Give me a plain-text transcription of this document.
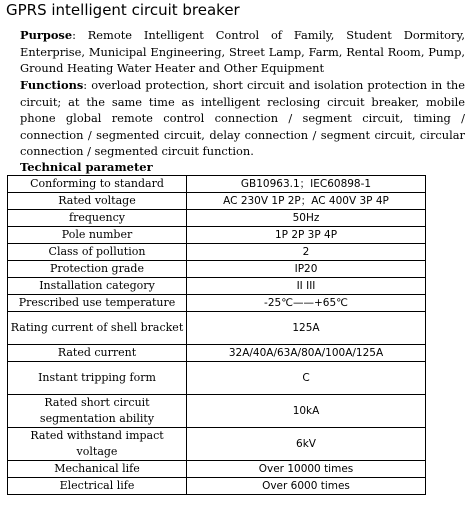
GPRS intelligent circuit breaker
Purpose: Remote Intelligent Control of Family, Student Dormitory, Enterprise, Municipal Engineering, Street Lamp, Farm, Rental Room, Pump, Ground Heating Water Heater and Other Equipment
Functions: overload protection, short circuit and isolation protection in the circuit; at the same time as intelligent reclosing circuit breaker, mobile phone global remote control connection / segment circuit, timing / connection / segmented circuit, delay connection / segment circuit, circular connection / segmented circuit function.
Technical parameter
Conforming to standard	GB10963.1；IEC60898-1
Rated voltage	AC 230V 1P 2P；AC 400V 3P 4P
frequency	50Hz
Pole number	1P 2P 3P 4P
Class of pollution	2
Protection grade	IP20
Installation category	II III
Prescribed use temperature	-25℃——+65℃
Rating current of shell bracket	125A
Rated current	32A/40A/63A/80A/100A/125A
Instant tripping form	C
Rated short circuit segmentation ability	10kA
Rated withstand impact voltage	6kV
Mechanical life	Over 10000 times
Electrical life	Over 6000 times
